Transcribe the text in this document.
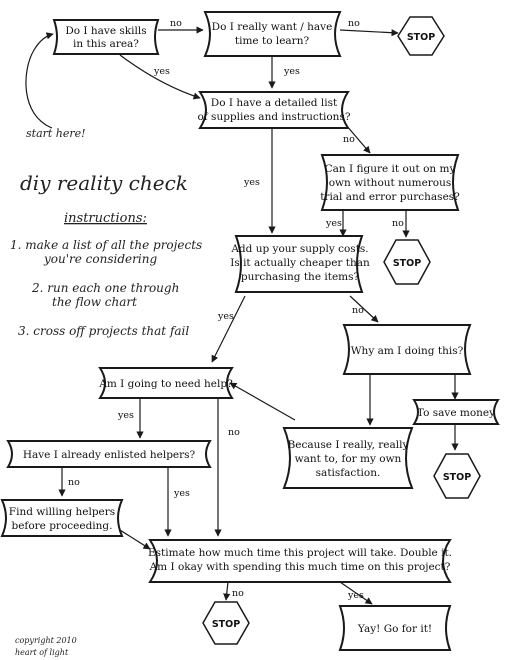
Do I have skills
in this area?
Do I really want / have
time to learn?
Do I have a detailed list
of supplies and instructions?
Can I figure it out on my
own without numerous
trial and error purchases?
Add up your supply costs.
Is it actually cheaper than
purchasing the items?
Why am I doing this?
Am I going to need help?
To save money
Because I really, really
want to, for my own
satisfaction.
Have I already enlisted helpers?
Find willing helpers
before proceeding.
Estimate how much time this project will take. Double it.
Am I okay with spending this much time on this project?
Yay! Go for it!
STOP
STOP
STOP
STOP
no	no
yes	yes
no
yes
yes	no
yes
no
yes
no
no
yes
no	yes
start here!
diy reality check
instructions:
1. make a list of all the projects
you're considering
2. run each one through
the flow chart
3. cross off projects that fail
copyright 2010
heart of light
